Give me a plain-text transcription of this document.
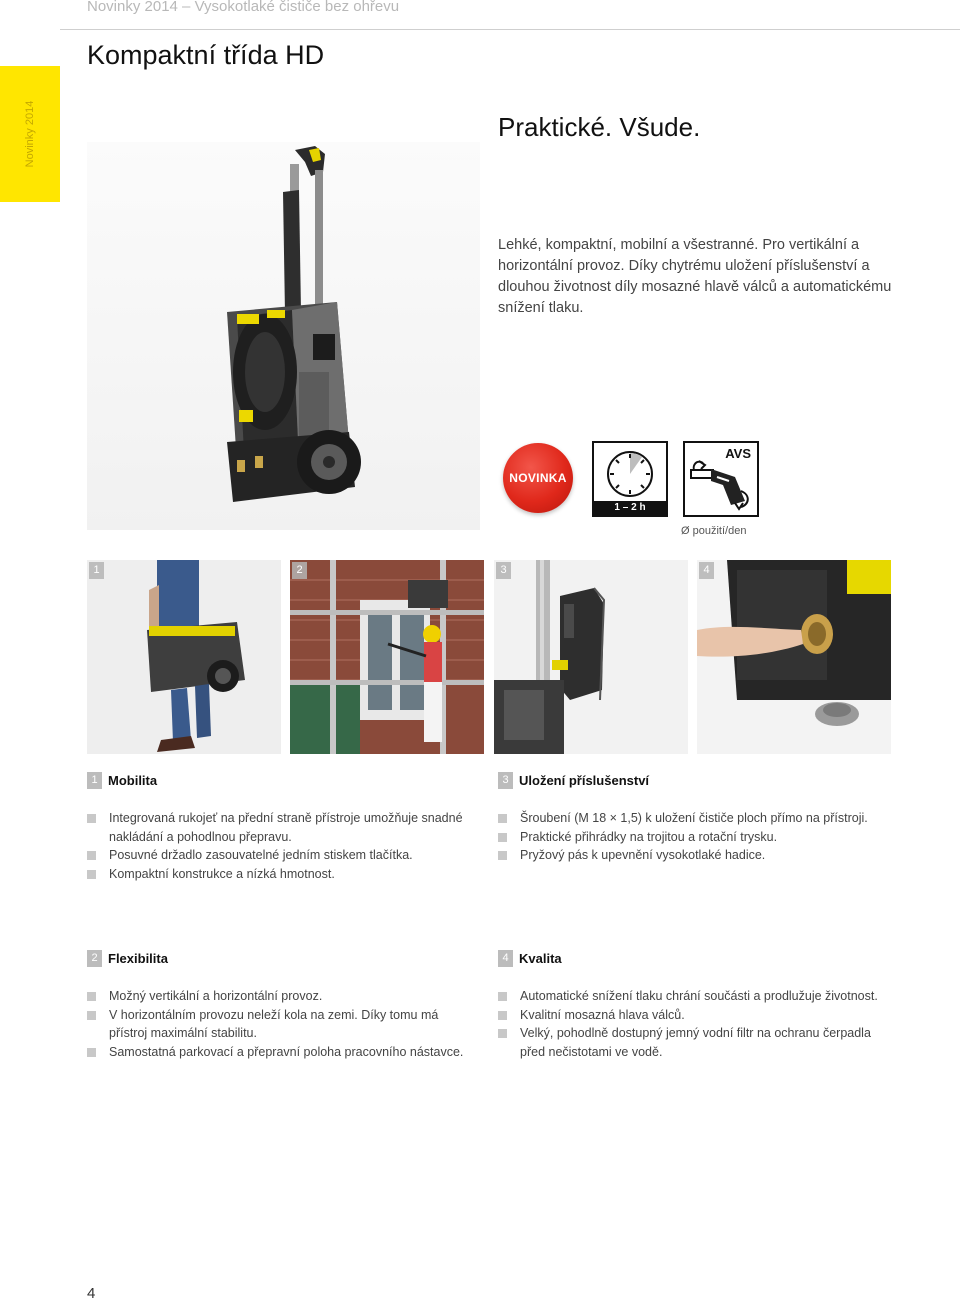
Novinky 2014 – Vysokotlaké čističe bez ohřevu
Novinky 2014
Kompaktní třída HD
Praktické. Všude.

Lehké, kompaktní, mobilní a všestranné. Pro vertikální a horizontální provoz. Díky chytrému uložení příslušenství a dlouhou životnost díly mosazné hlavě válců a automatickému snížení tlaku.

NOVINKA
1 – 2 h
AVS
Ø použití/den
1	2	3	4
1 Mobilita
Integrovaná rukojeť na přední straně přístroje umožňuje snadné nakládání a pohodlnou přepravu.
Posuvné držadlo zasouvatelné jedním stiskem tlačítka.
Kompaktní konstrukce a nízká hmotnost.
3 Uložení příslušenství
Šroubení (M 18 × 1,5) k uložení čističe ploch přímo na přístroji.
Praktické přihrádky na trojitou a rotační trysku.
Pryžový pás k upevnění vysokotlaké hadice.
2 Flexibilita
Možný vertikální a horizontální provoz.
V horizontálním provozu neleží kola na zemi. Díky tomu má přístroj maximální stabilitu.
Samostatná parkovací a přepravní poloha pracovního nástavce.
4 Kvalita
Automatické snížení tlaku chrání součásti a prodlužuje životnost.
Kvalitní mosazná hlava válců.
Velký, pohodlně dostupný jemný vodní filtr na ochranu čerpadla před nečistotami ve vodě.
4
